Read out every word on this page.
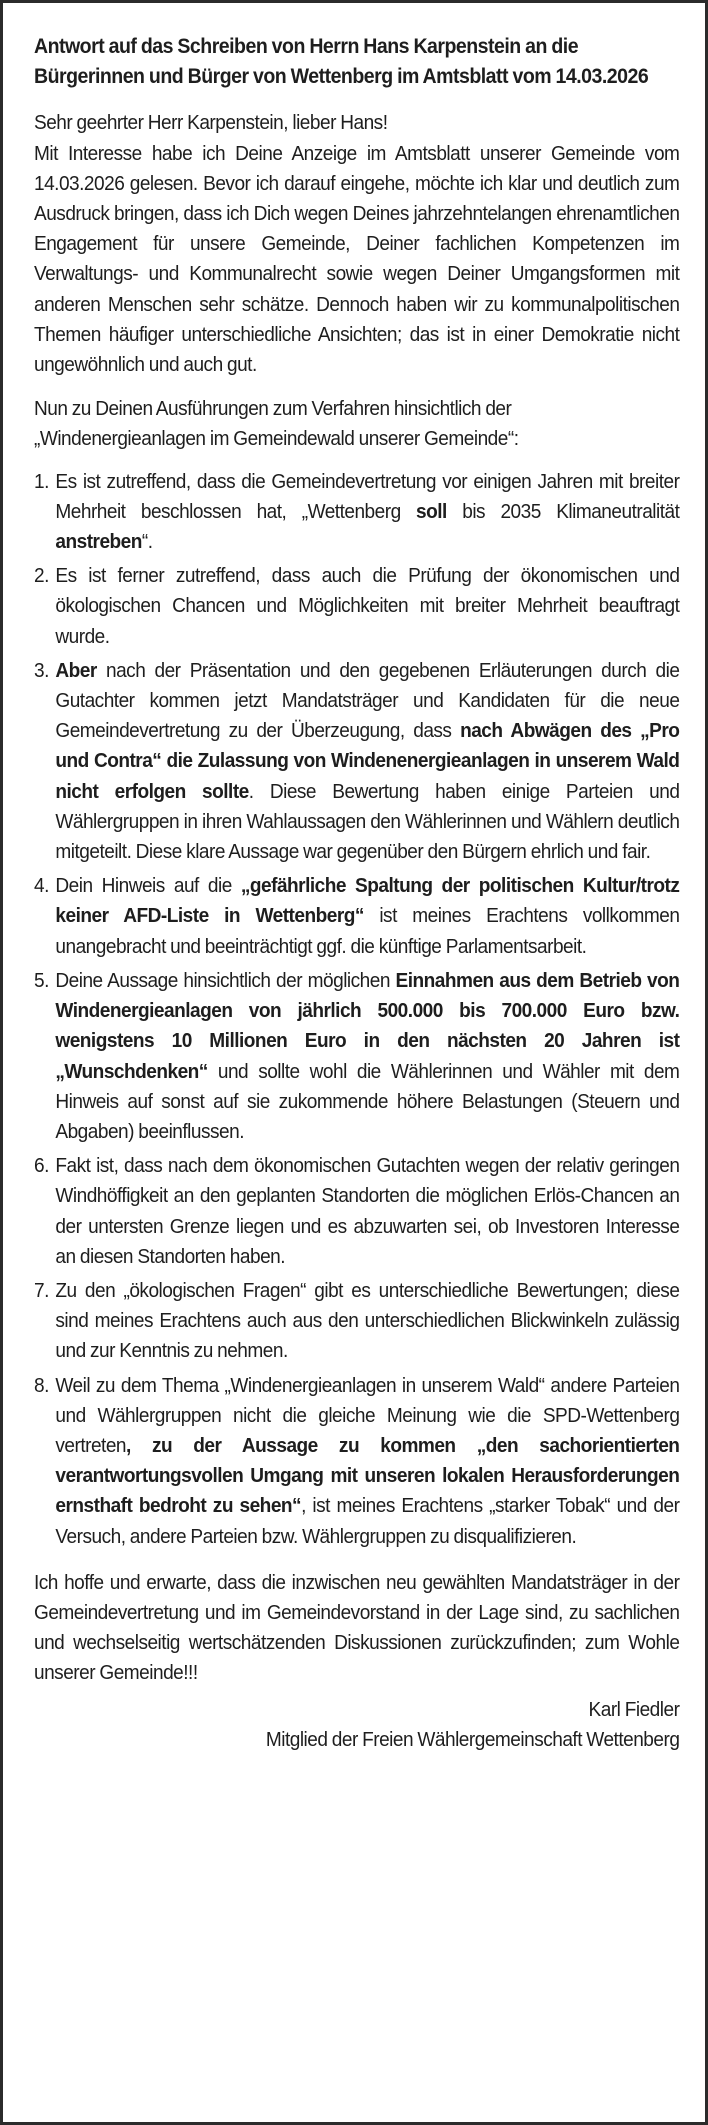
Antwort auf das Schreiben von Herrn Hans Karpenstein an die Bürgerinnen und Bürger von Wettenberg im Amtsblatt vom 14.03.2026

Sehr geehrter Herr Karpenstein, lieber Hans!

Mit Interesse habe ich Deine Anzeige im Amtsblatt unserer Gemeinde vom 14.03.2026 gelesen. Bevor ich darauf eingehe, möchte ich klar und deutlich zum Ausdruck bringen, dass ich Dich wegen Deines jahrzehntelangen ehrenamtlichen Engagement für unsere Gemeinde, Deiner fachlichen Kompetenzen im Verwaltungs- und Kommunalrecht sowie wegen Deiner Umgangsformen mit anderen Menschen sehr schätze. Dennoch haben wir zu kommunalpolitischen Themen häufiger unterschiedliche Ansichten; das ist in einer Demokratie nicht ungewöhnlich und auch gut.

Nun zu Deinen Ausführungen zum Verfahren hinsichtlich der „Windenergieanlagen im Gemeindewald unserer Gemeinde“:

1. Es ist zutreffend, dass die Gemeindevertretung vor einigen Jahren mit breiter Mehrheit beschlossen hat, „Wettenberg soll bis 2035 Klimaneutralität anstreben“.
2. Es ist ferner zutreffend, dass auch die Prüfung der ökonomischen und ökologischen Chancen und Möglichkeiten mit breiter Mehrheit beauftragt wurde.
3. Aber nach der Präsentation und den gegebenen Erläuterungen durch die Gutachter kommen jetzt Mandatsträger und Kandidaten für die neue Gemeindevertretung zu der Überzeugung, dass nach Abwägen des „Pro und Contra“ die Zulassung von Windenenergieanlagen in unserem Wald nicht erfolgen sollte. Diese Bewertung haben einige Parteien und Wählergruppen in ihren Wahlaussagen den Wählerinnen und Wählern deutlich mitgeteilt. Diese klare Aussage war gegenüber den Bürgern ehrlich und fair.
4. Dein Hinweis auf die „gefährliche Spaltung der politischen Kultur/trotz keiner AFD-Liste in Wettenberg“ ist meines Erachtens vollkommen unangebracht und beeinträchtigt ggf. die künftige Parlamentsarbeit.
5. Deine Aussage hinsichtlich der möglichen Einnahmen aus dem Betrieb von Windenergieanlagen von jährlich 500.000 bis 700.000 Euro bzw. wenigstens 10 Millionen Euro in den nächsten 20 Jahren ist „Wunschdenken“ und sollte wohl die Wählerinnen und Wähler mit dem Hinweis auf sonst auf sie zukommende höhere Belastungen (Steuern und Abgaben) beeinflussen.
6. Fakt ist, dass nach dem ökonomischen Gutachten wegen der relativ geringen Windhöffigkeit an den geplanten Standorten die möglichen Erlös-Chancen an der untersten Grenze liegen und es abzuwarten sei, ob Investoren Interesse an diesen Standorten haben.
7. Zu den „ökologischen Fragen“ gibt es unterschiedliche Bewertungen; diese sind meines Erachtens auch aus den unterschiedlichen Blickwinkeln zulässig und zur Kenntnis zu nehmen.
8. Weil zu dem Thema „Windenergieanlagen in unserem Wald“ andere Parteien und Wählergruppen nicht die gleiche Meinung wie die SPD-Wettenberg vertreten, zu der Aussage zu kommen „den sachorientierten verantwortungsvollen Umgang mit unseren lokalen Herausforderungen ernsthaft bedroht zu sehen“, ist meines Erachtens „starker Tobak“ und der Versuch, andere Parteien bzw. Wählergruppen zu disqualifizieren.

Ich hoffe und erwarte, dass die inzwischen neu gewählten Mandatsträger in der Gemeindevertretung und im Gemeindevorstand in der Lage sind, zu sachlichen und wechselseitig wertschätzenden Diskussionen zurückzufinden; zum Wohle unserer Gemeinde!!!

Karl Fiedler
Mitglied der Freien Wählergemeinschaft Wettenberg
